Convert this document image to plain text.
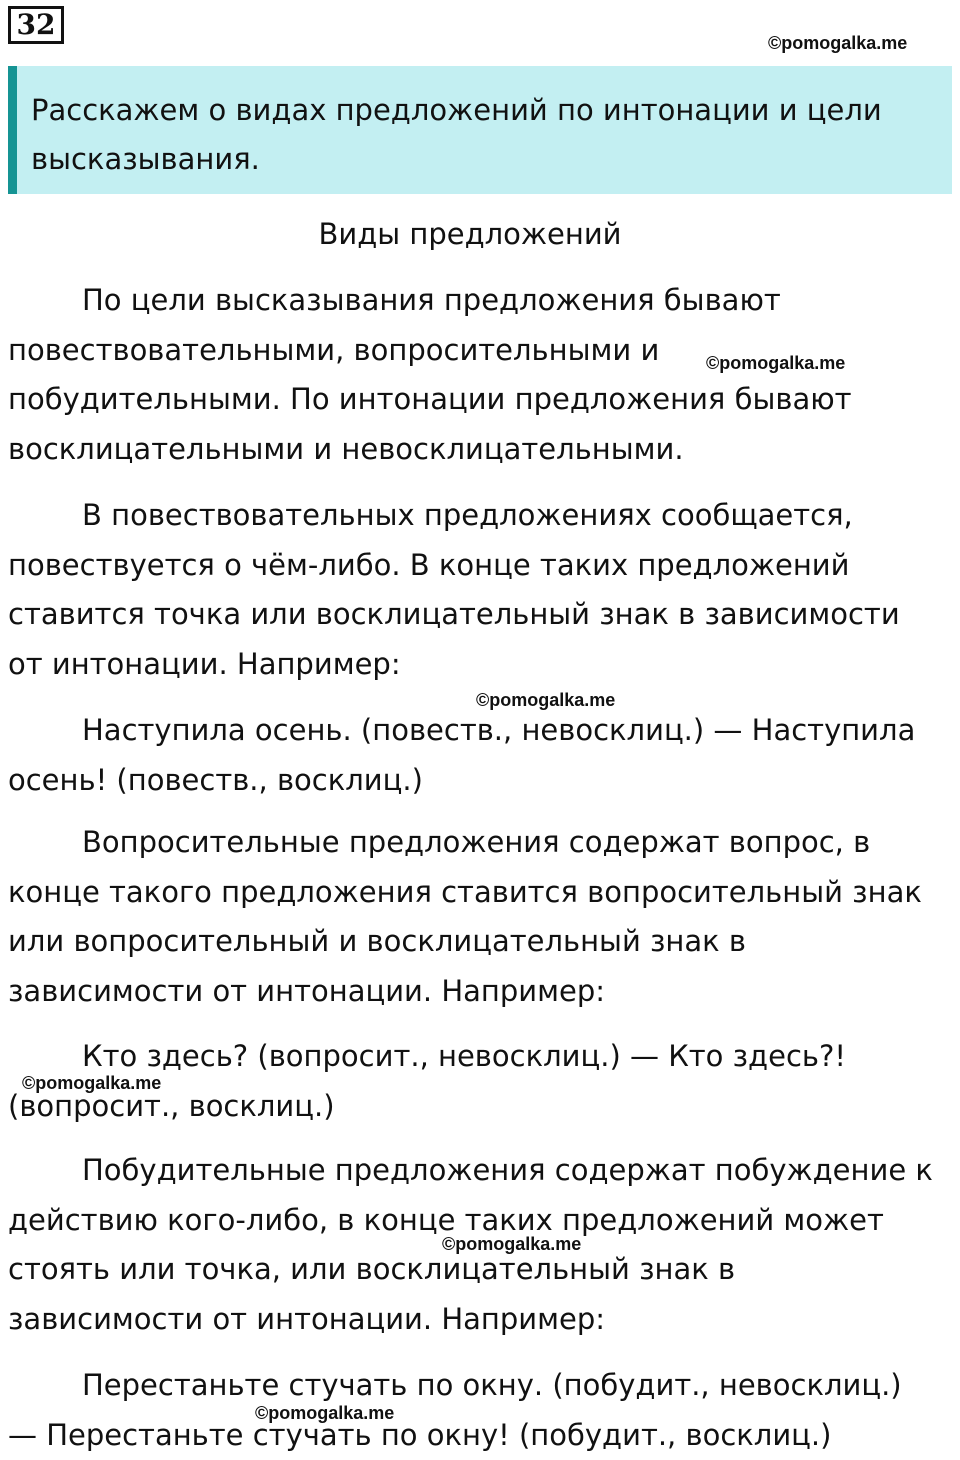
32
©pomogalka.me
Расскажем о видах предложений по интонации и цели высказывания.
Виды предложений

По цели высказывания предложения бывают повествовательными, вопросительными и побудительными. По интонации предложения бывают восклицательными и невосклицательными.

В повествовательных предложениях сообщается, повествуется о чём-либо. В конце таких предложений ставится точка или восклицательный знак в зависимости от интонации. Например:

Наступила осень. (повеств., невосклиц.) — Наступила осень! (повеств., восклиц.)

Вопросительные предложения содержат вопрос, в конце такого предложения ставится вопросительный знак или вопросительный и восклицательный знак в зависимости от интонации. Например:

Кто здесь? (вопросит., невосклиц.) — Кто здесь?! (вопросит., восклиц.)

Побудительные предложения содержат побуждение к действию кого-либо, в конце таких предложений может стоять или точка, или восклицательный знак в зависимости от интонации. Например:

Перестаньте стучать по окну. (побудит., невосклиц.) — Перестаньте стучать по окну! (побудит., восклиц.)

©pomogalka.me
©pomogalka.me
©pomogalka.me
©pomogalka.me
©pomogalka.me
